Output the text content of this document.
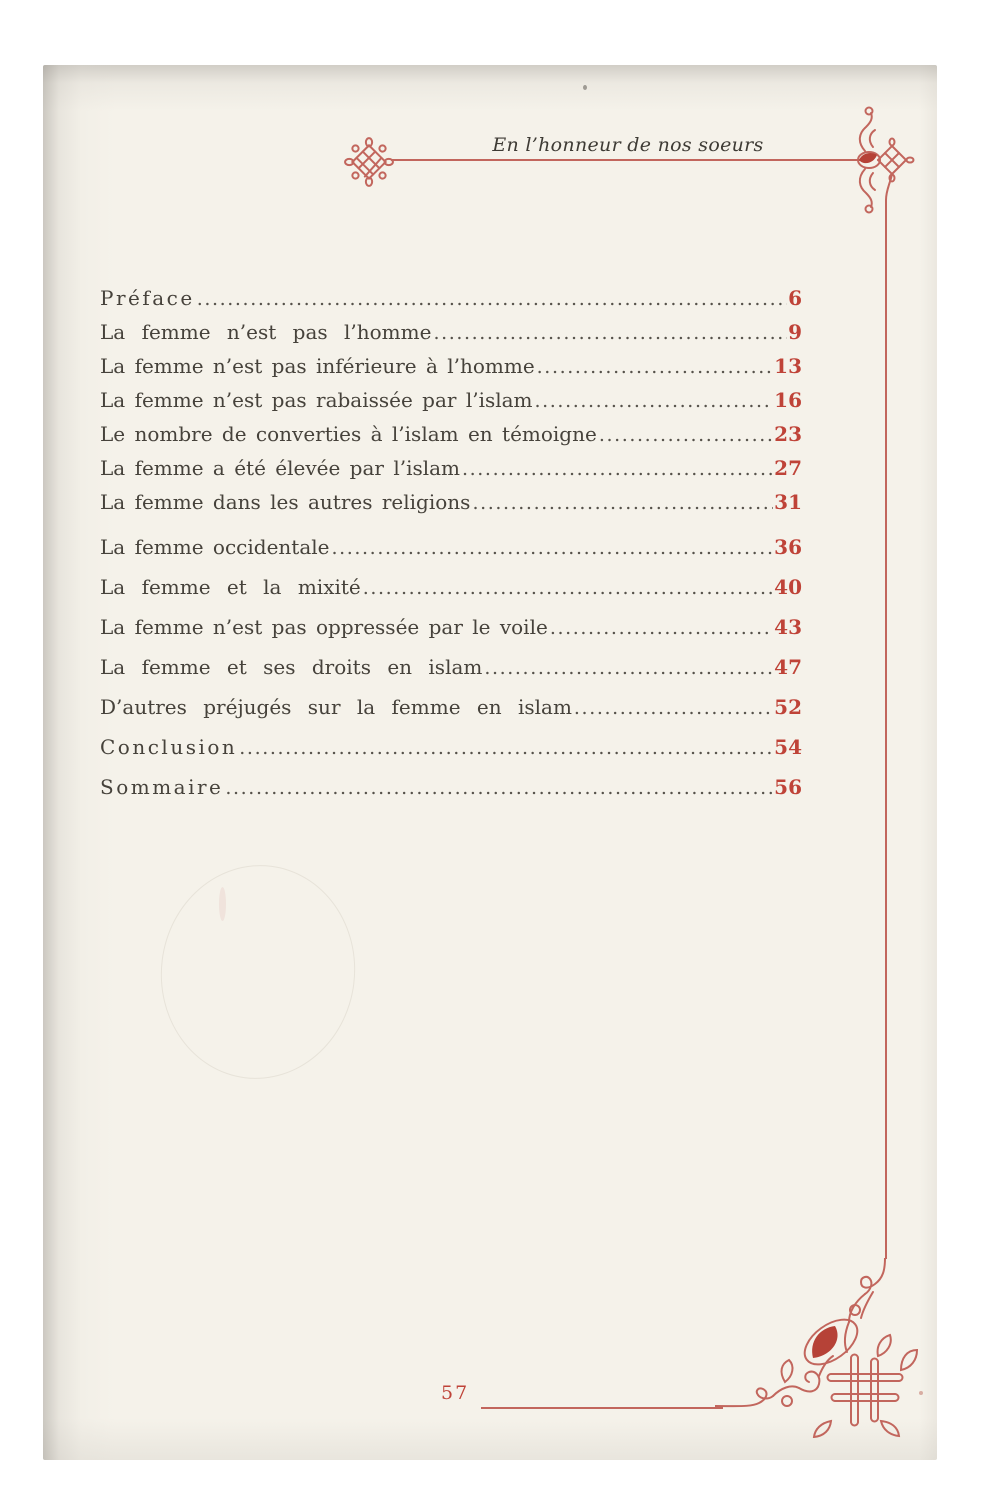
En l’honneur de nos soeurs
Préface .....	6
La femme n’est pas l’homme .....	9
La femme n’est pas inférieure à l’homme .....	13
La femme n’est pas rabaissée par l’islam .....	16
Le nombre de converties à l’islam en témoigne .....	23
La femme a été élevée par l’islam .....	27
La femme dans les autres religions .....	31
La femme occidentale .....	36
La femme et la mixité .....	40
La femme n’est pas oppressée par le voile .....	43
La femme et ses droits en islam .....	47
D’autres préjugés sur la femme en islam .....	52
Conclusion .....	54
Sommaire .....	56
57
